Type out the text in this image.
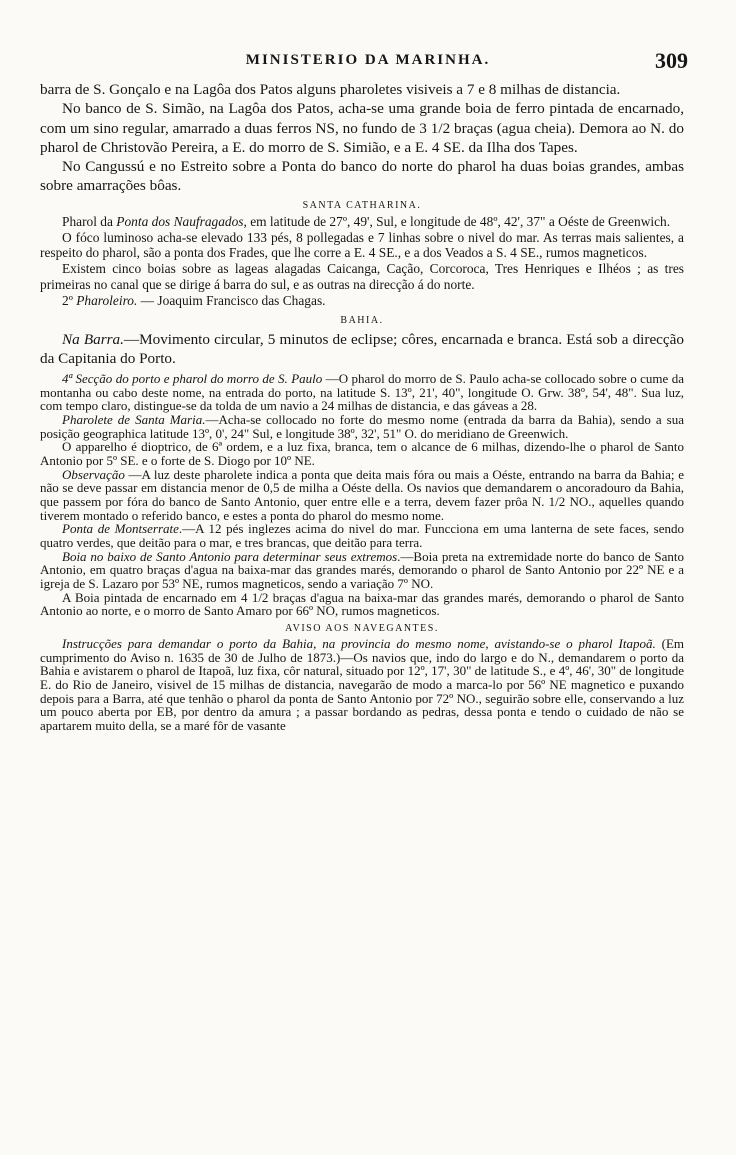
MINISTERIO DA MARINHA.	309

barra de S. Gonçalo e na Lagôa dos Patos alguns pharoletes visiveis a 7 e 8 milhas de distancia.

No banco de S. Simão, na Lagôa dos Patos, acha-se uma grande boia de ferro pintada de encarnado, com um sino regular, amarrado a duas ferros NS, no fundo de 3 1/2 braças (agua cheia). Demora ao N. do pharol de Christovão Pereira, a E. do morro de S. Simião, e a E. 4 SE. da Ilha dos Tapes.

No Cangussú e no Estreito sobre a Ponta do banco do norte do pharol ha duas boias grandes, ambas sobre amarrações bôas.

SANTA CATHARINA.

Pharol da Ponta dos Naufragados, em latitude de 27º, 49', Sul, e longitude de 48º, 42', 37" a Oéste de Greenwich.

O fóco luminoso acha-se elevado 133 pés, 8 pollegadas e 7 linhas sobre o nivel do mar. As terras mais salientes, a respeito do pharol, são a ponta dos Frades, que lhe corre a E. 4 SE., e a dos Veados a S. 4 SE., rumos magneticos.

Existem cinco boias sobre as lageas alagadas Caicanga, Cação, Corcoroca, Tres Henriques e Ilhéos ; as tres primeiras no canal que se dirige á barra do sul, e as outras na direcção á do norte.

2º Pharoleiro. — Joaquim Francisco das Chagas.

BAHIA.

Na Barra.—Movimento circular, 5 minutos de eclipse; côres, encarnada e branca. Está sob a direcção da Capitania do Porto.

4ª Secção do porto e pharol do morro de S. Paulo —O pharol do morro de S. Paulo acha-se collocado sobre o cume da montanha ou cabo deste nome, na entrada do porto, na latitude S. 13º, 21', 40", longitude O. Grw. 38º, 54', 48". Sua luz, com tempo claro, distingue-se da tolda de um navio a 24 milhas de distancia, e das gáveas a 28.

Pharolete de Santa Maria.—Acha-se collocado no forte do mesmo nome (entrada da barra da Bahia), sendo a sua posição geographica latitude 13º, 0', 24" Sul, e longitude 38º, 32', 51" O. do meridiano de Greenwich.

O apparelho é dioptrico, de 6ª ordem, e a luz fixa, branca, tem o alcance de 6 milhas, dizendo-lhe o pharol de Santo Antonio por 5º SE. e o forte de S. Diogo por 10º NE.

Observação —A luz deste pharolete indica a ponta que deita mais fóra ou mais a Oéste, entrando na barra da Bahia; e não se deve passar em distancia menor de 0,5 de milha a Oéste della. Os navios que demandarem o ancoradouro da Bahia, que passem por fóra do banco de Santo Antonio, quer entre elle e a terra, devem fazer prôa N. 1/2 NO., aquelles quando tiverem montado o referido banco, e estes a ponta do pharol do mesmo nome.

Ponta de Montserrate.—A 12 pés inglezes acima do nivel do mar. Funcciona em uma lanterna de sete faces, sendo quatro verdes, que deitão para o mar, e tres brancas, que deitão para terra.

Boia no baixo de Santo Antonio para determinar seus extremos.—Boia preta na extremidade norte do banco de Santo Antonio, em quatro braças d'agua na baixa-mar das grandes marés, demorando o pharol de Santo Antonio por 22º NE e a igreja de S. Lazaro por 53º NE, rumos magneticos, sendo a variação 7º NO.

A Boia pintada de encarnado em 4 1/2 braças d'agua na baixa-mar das grandes marés, demorando o pharol de Santo Antonio ao norte, e o morro de Santo Amaro por 66º NO, rumos magneticos.

AVISO AOS NAVEGANTES.

Instrucções para demandar o porto da Bahia, na provincia do mesmo nome, avistando-se o pharol Itapoã. (Em cumprimento do Aviso n. 1635 de 30 de Julho de 1873.)—Os navios que, indo do largo e do N., demandarem o porto da Bahia e avistarem o pharol de Itapoã, luz fixa, côr natural, situado por 12º, 17', 30" de latitude S., e 4º, 46', 30" de longitude E. do Rio de Janeiro, visivel de 15 milhas de distancia, navegarão de modo a marca-lo por 56º NE magnetico e puxando depois para a Barra, até que tenhão o pharol da ponta de Santo Antonio por 72º NO., seguirão sobre elle, conservando a luz um pouco aberta por EB, por dentro da amura ; a passar bordando as pedras, dessa ponta e tendo o cuidado de não se apartarem muito della, se a maré fôr de vasante
